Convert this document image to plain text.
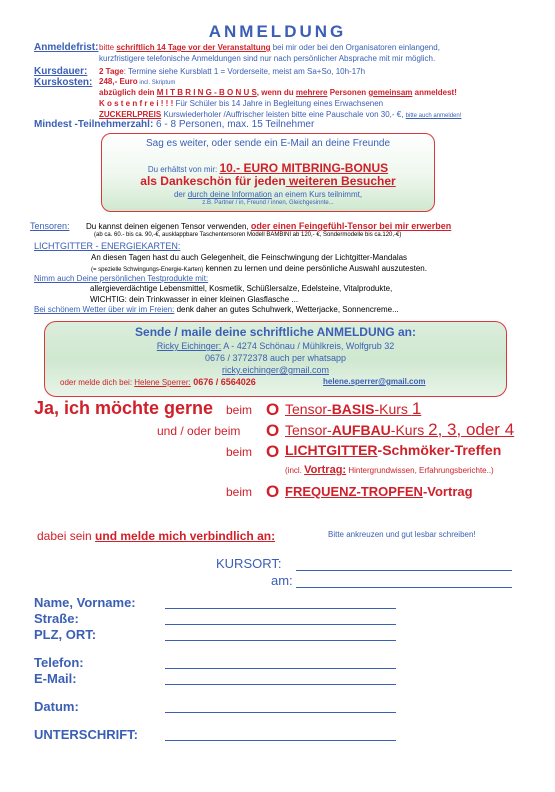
ANMELDUNG
Anmeldefrist: bitte schriftlich 14 Tage vor der Veranstaltung bei mir oder bei den Organisatoren einlangend,
kurzfristigere telefonische Anmeldungen sind nur nach persönlicher Absprache mit mir möglich.
Kursdauer: 2 Tage: Termine siehe Kursblatt 1 = Vorderseite, meist am Sa+So, 10h-17h
Kurskosten: 248,- Euro incl. Skriptum
abzüglich dein M I T B R I N G - B O N U S, wenn du mehrere Personen gemeinsam anmeldest!
K o s t e n f r e i ! ! ! Für Schüler bis 14 Jahre in Begleitung eines Erwachsenen
ZUCKERLPREIS Kurswiederholer /Auffrischer leisten bitte eine Pauschale von 30,- €, bitte auch anmelden!
Mindest -Teilnehmerzahl: 6 - 8 Personen, max. 15 Teilnehmer
Sag es weiter, oder sende ein E-Mail an deine Freunde
Du erhältst von mir: 10.- EURO MITBRING-BONUS
als Dankeschön für jeden weiteren Besucher
der durch deine Information an einem Kurs teilnimmt,
z.B. Partner / in, Freund / innen, Gleichgesinnte...
Tensoren: Du kannst deinen eigenen Tensor verwenden, oder einen Feingefühl-Tensor bei mir erwerben
(ab ca. 60.- bis ca. 90,-€, ausklappbare Taschentensoren Modell BAMBINI ab 120,- €, Sondermodelle bis ca.120,-€)
LICHTGITTER - ENERGIEKARTEN:
An diesen Tagen hast du auch Gelegenheit, die Feinschwingung der Lichtgitter-Mandalas
(= spezielle Schwingungs-Energie-Karten) kennen zu lernen und deine persönliche Auswahl auszutesten.
Nimm auch Deine persönlichen Testprodukte mit:
allergieverdächtige Lebensmittel, Kosmetik, Schüßlersalze, Edelsteine, Vitalprodukte,
WICHTIG: dein Trinkwasser in einer kleinen Glasflasche ...
Bei schönem Wetter über wir im Freien: denk daher an gutes Schuhwerk, Wetterjacke, Sonnencreme...
Sende / maile deine schriftliche ANMELDUNG an:
Ricky Eichinger: A - 4274 Schönau / Mühlkreis, Wolfgrub 32
0676 / 3772378 auch per whatsapp
ricky.eichinger@gmail.com
oder melde dich bei: Helene Sperrer: 0676 / 6564026	helene.sperrer@gmail.com
Ja, ich möchte gerne beim O Tensor-BASIS-Kurs 1
und / oder beim O Tensor-AUFBAU-Kurs 2, 3, oder 4
beim O LICHTGITTER-Schmöker-Treffen
(incl. Vortrag: Hintergrundwissen, Erfahrungsberichte..)
beim O FREQUENZ-TROPFEN-Vortrag
dabei sein und melde mich verbindlich an:	Bitte ankreuzen und gut lesbar schreiben!
KURSORT:
am:
Name, Vorname:
Straße:
PLZ, ORT:
Telefon:
E-Mail:
Datum:
UNTERSCHRIFT:
